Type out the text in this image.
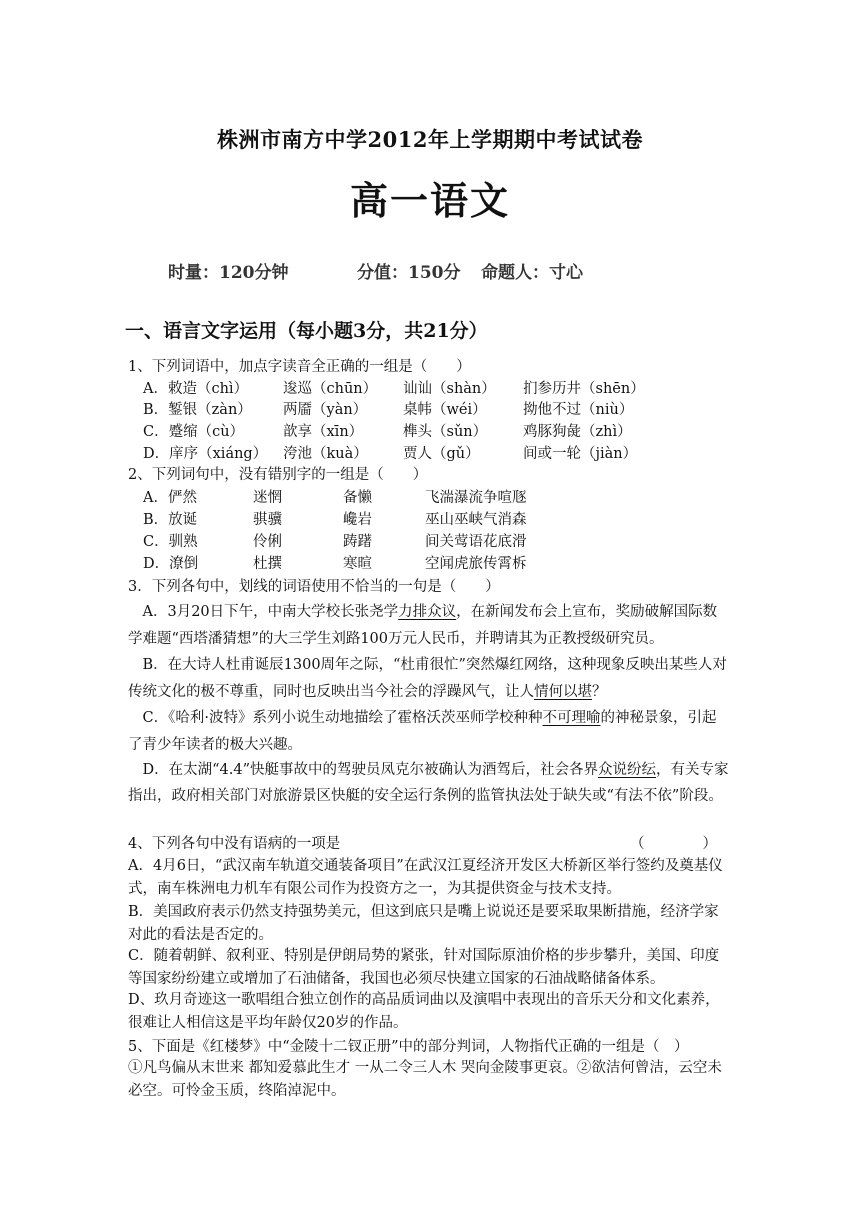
株洲市南方中学2012年上学期期中考试试卷
高一语文
时量：120分钟	分值：150分 命题人：寸心
一、语言文字运用（每小题3分，共21分）
1、下列词语中，加点字读音全正确的一组是（　　）
A．敕造（chì） 逡巡（chūn） 讪讪（shàn） 扪参历井（shēn）
B．錾银（zàn） 两靥（yàn） 桌帏（wéi）	拗他不过（niù）
C．蹙缩（cù）	歆享（xīn）	榫头（sǔn） 鸡豚狗彘（zhì）
D．庠序（xiáng） 洿池（kuà） 贾人（gǔ）	间或一轮（jiàn）
2、下列词句中，没有错别字的一组是（　　）
A．俨然	迷惘	备懒	飞湍瀑流争喧豗
B．放诞	骐骥	巉岩	巫山巫峡气消森
C．驯熟	伶俐	踌躇	间关莺语花底滑
D．潦倒	杜撰	寒暄	空闻虎旅传霄柝
3．下列各句中，划线的词语使用不恰当的一句是（　　）
　A．3月20日下午，中南大学校长张尧学力排众议，在新闻发布会上宣布，奖励破解国际数学难题“西塔潘猜想”的大三学生刘路100万元人民币，并聘请其为正教授级研究员。
　B．在大诗人杜甫诞辰1300周年之际，“杜甫很忙”突然爆红网络，这种现象反映出某些人对传统文化的极不尊重，同时也反映出当今社会的浮躁风气，让人情何以堪？
　C．《哈利·波特》系列小说生动地描绘了霍格沃茨巫师学校种种不可理喻的神秘景象，引起了青少年读者的极大兴趣。
　D．在太湖“4.4”快艇事故中的驾驶员凤克尔被确认为酒驾后，社会各界众说纷纭，有关专家指出，政府相关部门对旅游景区快艇的安全运行条例的监管执法处于缺失或“有法不依”阶段。
4、下列各句中没有语病的一项是	（　　　　）
A．4月6日，“武汉南车轨道交通装备项目”在武汉江夏经济开发区大桥新区举行签约及奠基仪式，南车株洲电力机车有限公司作为投资方之一，为其提供资金与技术支持。
B．美国政府表示仍然支持强势美元，但这到底只是嘴上说说还是要采取果断措施，经济学家对此的看法是否定的。
C．随着朝鲜、叙利亚、特别是伊朗局势的紧张，针对国际原油价格的步步攀升，美国、印度等国家纷纷建立或增加了石油储备，我国也必须尽快建立国家的石油战略储备体系。
D、玖月奇迹这一歌唱组合独立创作的高品质词曲以及演唱中表现出的音乐天分和文化素养，很难让人相信这是平均年龄仅20岁的作品。
5、下面是《红楼梦》中“金陵十二钗正册”中的部分判词，人物指代正确的一组是（　）
①凡鸟偏从末世来 都知爱慕此生才 一从二令三人木 哭向金陵事更哀。②欲洁何曾洁，云空未必空。可怜金玉质，终陷淖泥中。
